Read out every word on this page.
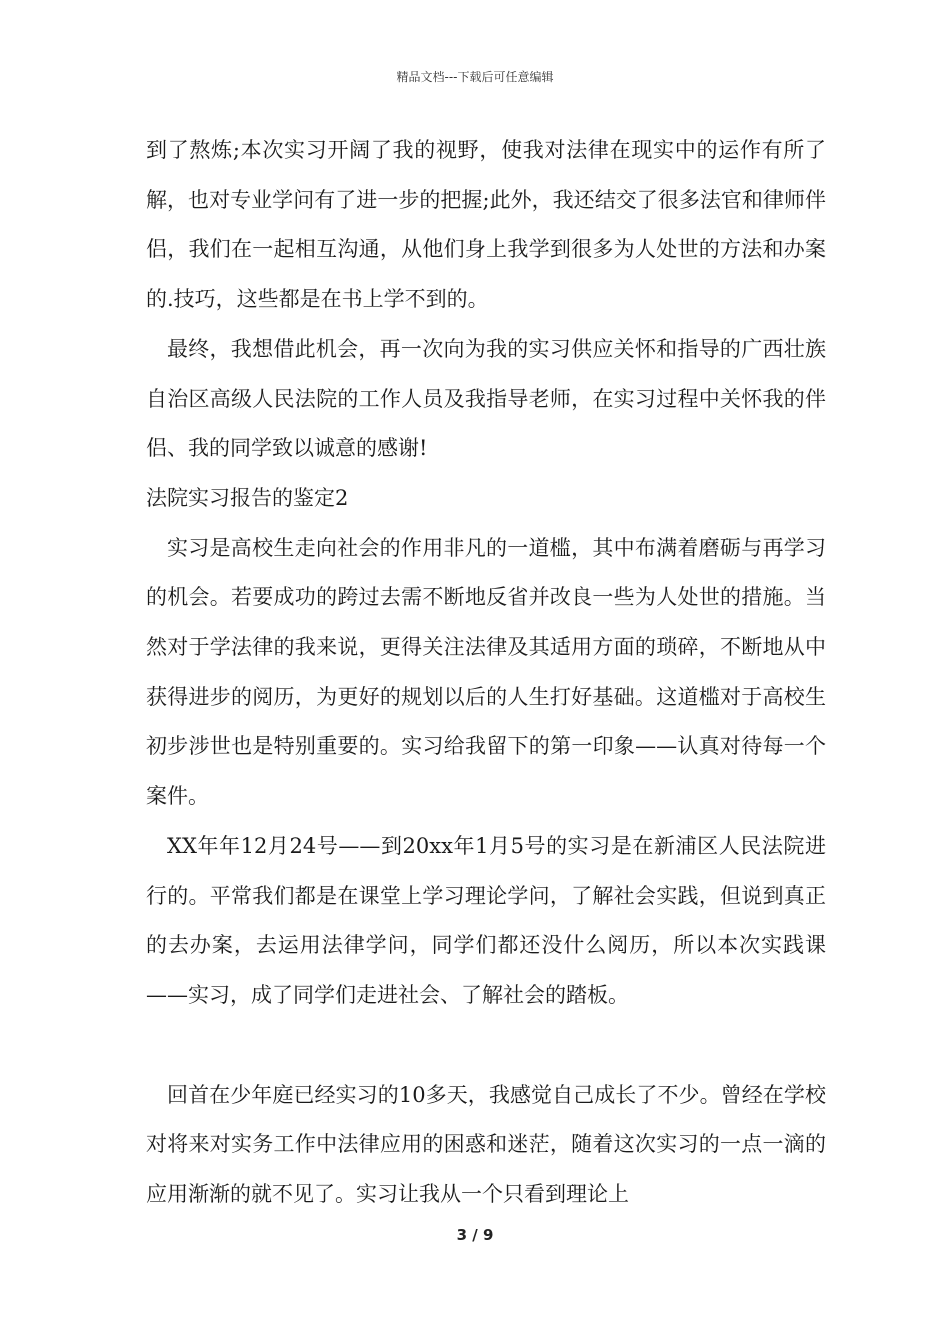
精品文档---下载后可任意编辑

到了熬炼;本次实习开阔了我的视野，使我对法律在现实中的运作有所了解，也对专业学问有了进一步的把握;此外，我还结交了很多法官和律师伴侣，我们在一起相互沟通，从他们身上我学到很多为人处世的方法和办案的.技巧，这些都是在书上学不到的。

最终，我想借此机会，再一次向为我的实习供应关怀和指导的广西壮族自治区高级人民法院的工作人员及我指导老师，在实习过程中关怀我的伴侣、我的同学致以诚意的感谢!

法院实习报告的鉴定2

实习是高校生走向社会的作用非凡的一道槛，其中布满着磨砺与再学习的机会。若要成功的跨过去需不断地反省并改良一些为人处世的措施。当然对于学法律的我来说，更得关注法律及其适用方面的琐碎，不断地从中获得进步的阅历，为更好的规划以后的人生打好基础。这道槛对于高校生初步涉世也是特别重要的。实习给我留下的第一印象——认真对待每一个案件。

XX年年12月24号——到20xx年1月5号的实习是在新浦区人民法院进行的。平常我们都是在课堂上学习理论学问，了解社会实践，但说到真正的去办案，去运用法律学问，同学们都还没什么阅历，所以本次实践课——实习，成了同学们走进社会、了解社会的踏板。

回首在少年庭已经实习的10多天，我感觉自己成长了不少。曾经在学校对将来对实务工作中法律应用的困惑和迷茫，随着这次实习的一点一滴的应用渐渐的就不见了。实习让我从一个只看到理论上

3 / 9
